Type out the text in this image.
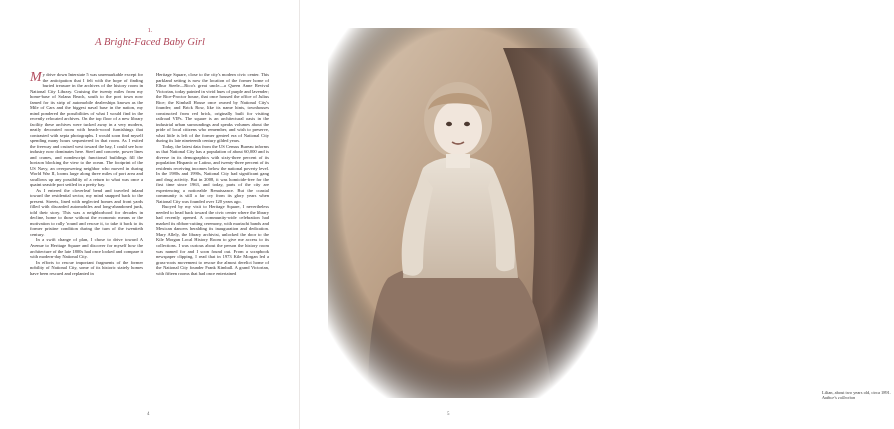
1.
A Bright-Faced Baby Girl

My drive down Interstate 5 was unremarkable except for the anticipation that I felt with the hope of finding buried treasure in the archives of the history room in National City Library. Cruising the twenty miles from my home-base of Solana Beach, south to the port town now famed for its strip of automobile dealerships known as the Mile of Cars and the biggest naval base in the nation, my mind pondered the possibilities of what I would find in the recently relocated archives. On the top floor of a new library facility these archives were tucked away in a very modern, neatly decorated room with beach-wood furnishings that contrasted with sepia photographs. I would soon find myself spending many hours sequestered in that room. As I exited the freeway and cruised west toward the bay, I could see how industry now dominates here. Steel and concrete, power lines and cranes, and nondescript functional buildings fill the horizon blocking the view to the ocean. The footprint of the US Navy, an overpowering neighbor who moved in during World War II, looms large along three miles of port area and swallows up any possibility of a return to what was once a quaint seaside port settled in a pretty bay.

As I entered the cloverleaf bend and traveled inland toward the residential sector, my mind snapped back to the present. Streets, lined with neglected homes and front yards filled with discarded automobiles and long-abandoned junk, told their story. This was a neighborhood for decades in decline, home to those without the economic means or the motivation to rally 'round and rescue it, to take it back to its former pristine condition during the turn of the twentieth century.

In a swift change of plan, I chose to drive toward A Avenue to Heritage Square and discover for myself how the architecture of the late 1800s had once looked and compare it with modern-day National City.

In efforts to rescue important fragments of the former nobility of National City, some of its historic stately homes have been rescued and replanted in

Heritage Square, close to the city's modern civic center. This parkland setting is now the location of the former home of Elbur Steele—Rico's great uncle—a Queen Anne Revival Victorian, today painted in vivid hues of purple and lavender; the Rice-Proctor house, that once housed the office of Julius Rice; the Kimball House once owned by National City's founder; and Brick Row, like its name hints, townhouses constructed from red brick, originally built for visiting railroad VIPs. The square is an architectural oasis in the industrial urban surroundings and speaks volumes about the pride of local citizens who remember, and wish to preserve, what little is left of the former genteel era of National City during its late nineteenth century gilded years.

Today, the latest data from the US Census Bureau informs us that National City has a population of about 60,000 and is diverse in its demographics with sixty-three percent of its population Hispanic or Latino, and twenty-three percent of its residents receiving incomes below the national poverty level. In the 1980s and 1990s, National City had significant gang and drug activity. But in 2008, it was homicide-free for the first time since 1963, and today, parts of the city are experiencing a noticeable Renaissance. But the coastal community is still a far cry from its glory years when National City was founded over 120 years ago.

Buoyed by my visit to Heritage Square, I nevertheless needed to head back toward the civic center where the library had recently opened. A community-wide celebration had marked its ribbon-cutting ceremony, with mariachi bands and Mexican dancers heralding its inauguration and dedication. Mary Allely, the library archivist, unlocked the door to the Kile Morgan Local History Room to give me access to its collections. I was curious about the person the history room was named for and I soon found out. From a scrapbook newspaper clipping, I read that in 1973 Kile Morgan led a grass-roots movement to rescue the almost derelict home of the National City founder Frank Kimball. A grand Victorian, with fifteen rooms that had once entertained

4
Lilian, about two years old, circa 1891.
Author's collection
5
